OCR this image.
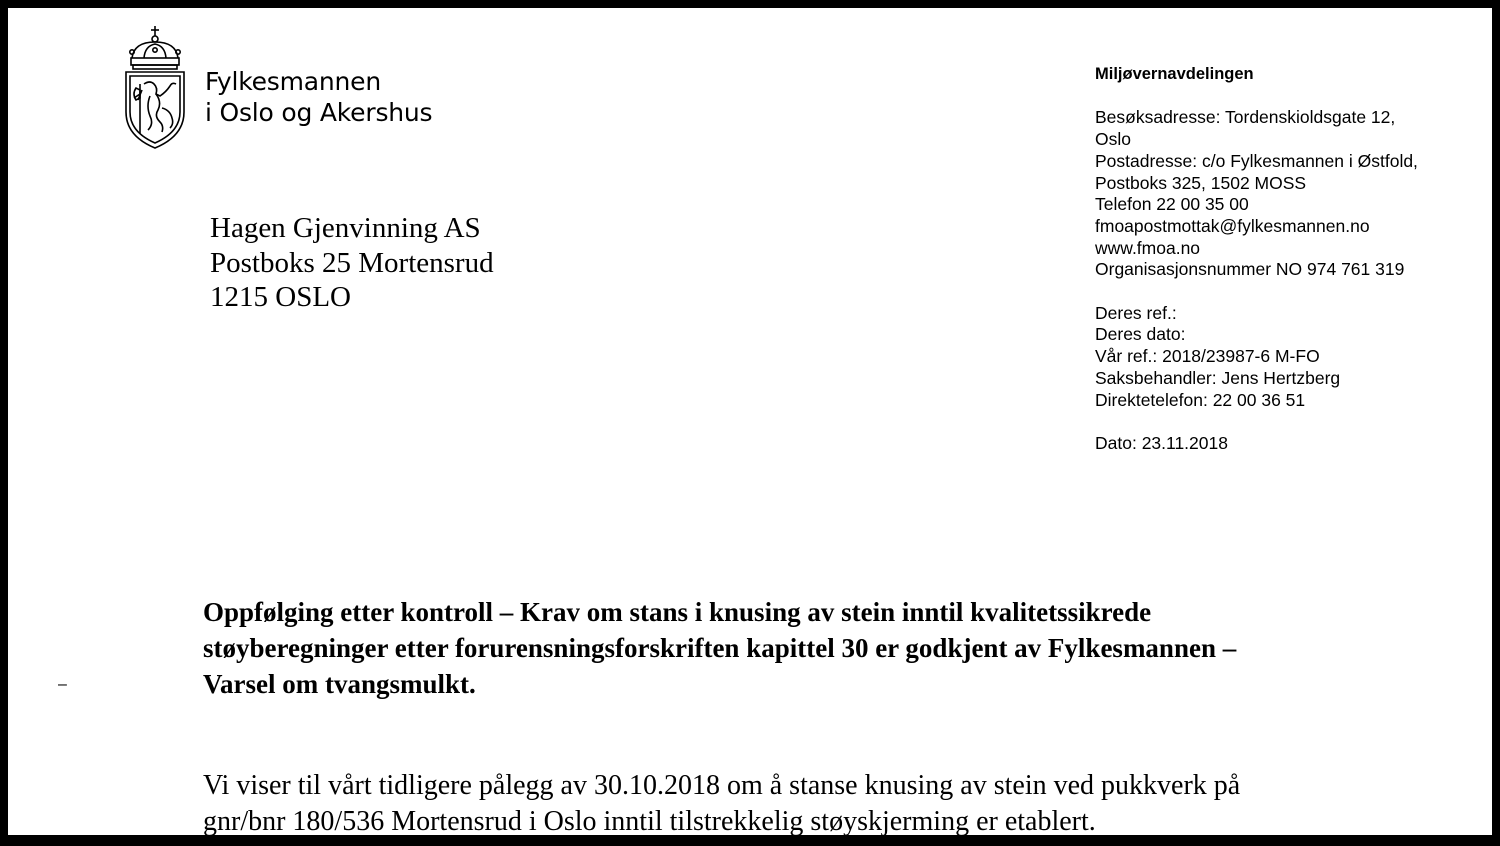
Fylkesmannen
i Oslo og Akershus
Hagen Gjenvinning AS
Postboks 25 Mortensrud
1215 OSLO
Miljøvernavdelingen
Besøksadresse: Tordenskioldsgate 12,
Oslo
Postadresse: c/o Fylkesmannen i Østfold,
Postboks 325, 1502 MOSS
Telefon 22 00 35 00
fmoapostmottak@fylkesmannen.no
www.fmoa.no
Organisasjonsnummer NO 974 761 319
Deres ref.:
Deres dato:
Vår ref.: 2018/23987-6 M-FO
Saksbehandler: Jens Hertzberg
Direktetelefon: 22 00 36 51
Dato: 23.11.2018
Oppfølging etter kontroll – Krav om stans i knusing av stein inntil kvalitetssikrede
støyberegninger etter forurensningsforskriften kapittel 30 er godkjent av Fylkesmannen –
Varsel om tvangsmulkt.
–
Vi viser til vårt tidligere pålegg av 30.10.2018 om å stanse knusing av stein ved pukkverk på
gnr/bnr 180/536 Mortensrud i Oslo inntil tilstrekkelig støyskjerming er etablert.
